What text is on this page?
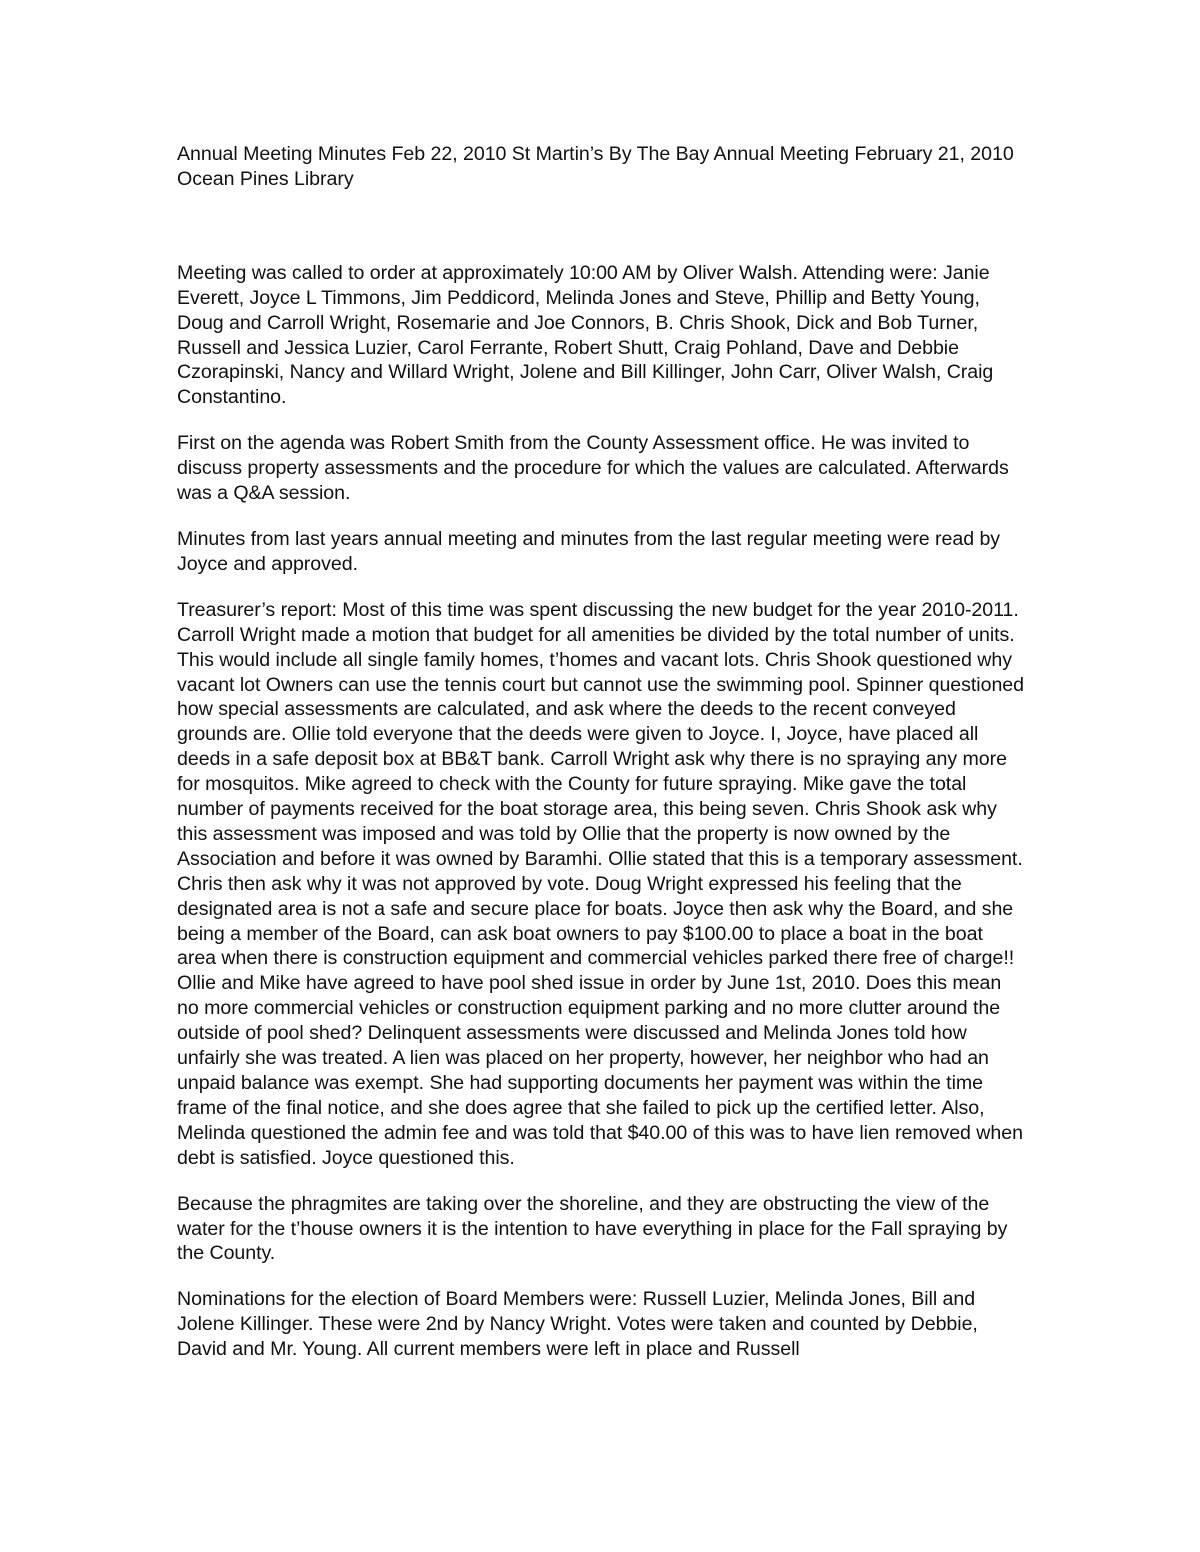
Annual Meeting Minutes Feb 22, 2010 St Martin’s By The Bay Annual Meeting February 21, 2010 Ocean Pines Library

Meeting was called to order at approximately 10:00 AM by Oliver Walsh. Attending were: Janie Everett, Joyce L Timmons, Jim Peddicord, Melinda Jones and Steve, Phillip and Betty Young, Doug and Carroll Wright, Rosemarie and Joe Connors, B. Chris Shook, Dick and Bob Turner, Russell and Jessica Luzier, Carol Ferrante, Robert Shutt, Craig Pohland, Dave and Debbie Czorapinski, Nancy and Willard Wright, Jolene and Bill Killinger, John Carr, Oliver Walsh, Craig Constantino.

First on the agenda was Robert Smith from the County Assessment office. He was invited to discuss property assessments and the procedure for which the values are calculated. Afterwards was a Q&A session.

Minutes from last years annual meeting and minutes from the last regular meeting were read by Joyce and approved.

Treasurer’s report: Most of this time was spent discussing the new budget for the year 2010-2011. Carroll Wright made a motion that budget for all amenities be divided by the total number of units. This would include all single family homes, t’homes and vacant lots. Chris Shook questioned why vacant lot Owners can use the tennis court but cannot use the swimming pool. Spinner questioned how special assessments are calculated, and ask where the deeds to the recent conveyed grounds are. Ollie told everyone that the deeds were given to Joyce. I, Joyce, have placed all deeds in a safe deposit box at BB&T bank. Carroll Wright ask why there is no spraying any more for mosquitos. Mike agreed to check with the County for future spraying. Mike gave the total number of payments received for the boat storage area, this being seven. Chris Shook ask why this assessment was imposed and was told by Ollie that the property is now owned by the Association and before it was owned by Baramhi. Ollie stated that this is a temporary assessment. Chris then ask why it was not approved by vote. Doug Wright expressed his feeling that the designated area is not a safe and secure place for boats. Joyce then ask why the Board, and she being a member of the Board, can ask boat owners to pay $100.00 to place a boat in the boat area when there is construction equipment and commercial vehicles parked there free of charge!! Ollie and Mike have agreed to have pool shed issue in order by June 1st, 2010. Does this mean no more commercial vehicles or construction equipment parking and no more clutter around the outside of pool shed? Delinquent assessments were discussed and Melinda Jones told how unfairly she was treated. A lien was placed on her property, however, her neighbor who had an unpaid balance was exempt. She had supporting documents her payment was within the time frame of the final notice, and she does agree that she failed to pick up the certified letter. Also, Melinda questioned the admin fee and was told that $40.00 of this was to have lien removed when debt is satisfied. Joyce questioned this.

Because the phragmites are taking over the shoreline, and they are obstructing the view of the water for the t’house owners it is the intention to have everything in place for the Fall spraying by the County.

Nominations for the election of Board Members were: Russell Luzier, Melinda Jones, Bill and Jolene Killinger. These were 2nd by Nancy Wright. Votes were taken and counted by Debbie, David and Mr. Young. All current members were left in place and Russell
